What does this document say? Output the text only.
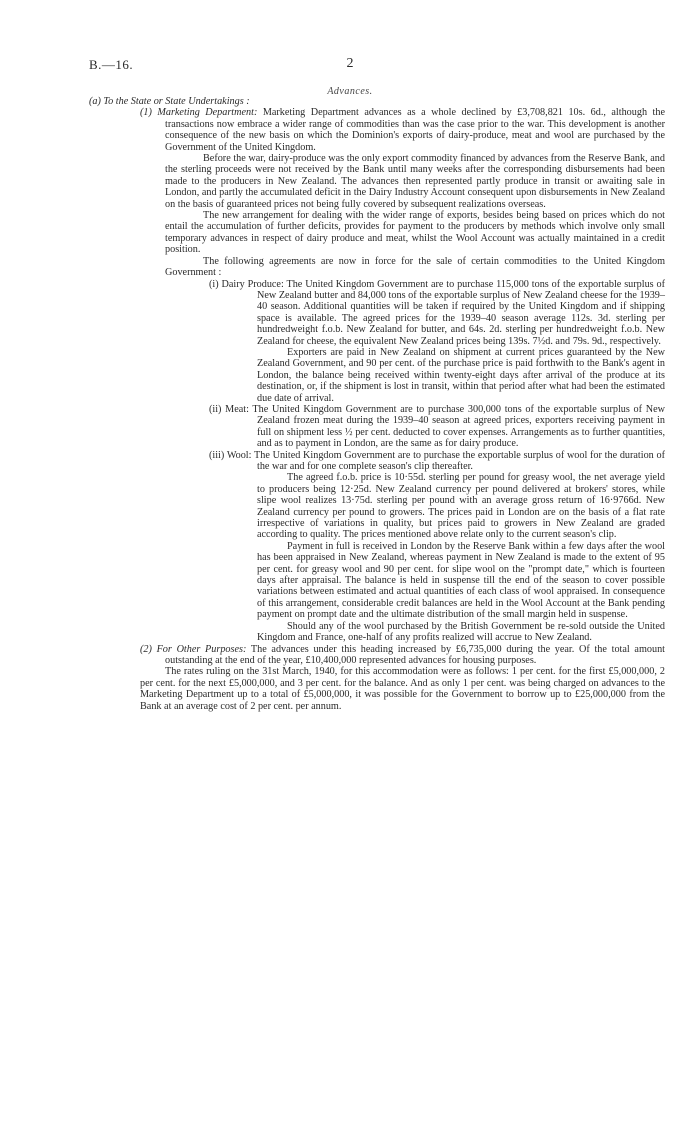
B.—16.	2
Advances.

(a) To the State or State Undertakings :

(1) Marketing Department: Marketing Department advances as a whole declined by £3,708,821 10s. 6d., although the transactions now embrace a wider range of commodities than was the case prior to the war. This development is another consequence of the new basis on which the Dominion's exports of dairy-produce, meat and wool are purchased by the Government of the United Kingdom.

Before the war, dairy-produce was the only export commodity financed by advances from the Reserve Bank, and the sterling proceeds were not received by the Bank until many weeks after the corresponding disbursements had been made to the producers in New Zealand. The advances then represented partly produce in transit or awaiting sale in London, and partly the accumulated deficit in the Dairy Industry Account consequent upon disbursements in New Zealand on the basis of guaranteed prices not being fully covered by subsequent realizations overseas.

The new arrangement for dealing with the wider range of exports, besides being based on prices which do not entail the accumulation of further deficits, provides for payment to the producers by methods which involve only small temporary advances in respect of dairy produce and meat, whilst the Wool Account was actually maintained in a credit position.

The following agreements are now in force for the sale of certain commodities to the United Kingdom Government :

(i) Dairy Produce: The United Kingdom Government are to purchase 115,000 tons of the exportable surplus of New Zealand butter and 84,000 tons of the exportable surplus of New Zealand cheese for the 1939–40 season. Additional quantities will be taken if required by the United Kingdom and if shipping space is available. The agreed prices for the 1939–40 season average 112s. 3d. sterling per hundredweight f.o.b. New Zealand for butter, and 64s. 2d. sterling per hundredweight f.o.b. New Zealand for cheese, the equivalent New Zealand prices being 139s. 7½d. and 79s. 9d., respectively.

Exporters are paid in New Zealand on shipment at current prices guaranteed by the New Zealand Government, and 90 per cent. of the purchase price is paid forthwith to the Bank's agent in London, the balance being received within twenty-eight days after arrival of the produce at its destination, or, if the shipment is lost in transit, within that period after what had been the estimated due date of arrival.

(ii) Meat: The United Kingdom Government are to purchase 300,000 tons of the exportable surplus of New Zealand frozen meat during the 1939–40 season at agreed prices, exporters receiving payment in full on shipment less ½ per cent. deducted to cover expenses. Arrangements as to further quantities, and as to payment in London, are the same as for dairy produce.

(iii) Wool: The United Kingdom Government are to purchase the exportable surplus of wool for the duration of the war and for one complete season's clip thereafter.

The agreed f.o.b. price is 10·55d. sterling per pound for greasy wool, the net average yield to producers being 12·25d. New Zealand currency per pound delivered at brokers' stores, while slipe wool realizes 13·75d. sterling per pound with an average gross return of 16·9766d. New Zealand currency per pound to growers. The prices paid in London are on the basis of a flat rate irrespective of variations in quality, but prices paid to growers in New Zealand are graded according to quality. The prices mentioned above relate only to the current season's clip.

Payment in full is received in London by the Reserve Bank within a few days after the wool has been appraised in New Zealand, whereas payment in New Zealand is made to the extent of 95 per cent. for greasy wool and 90 per cent. for slipe wool on the "prompt date," which is fourteen days after appraisal. The balance is held in suspense till the end of the season to cover possible variations between estimated and actual quantities of each class of wool appraised. In consequence of this arrangement, considerable credit balances are held in the Wool Account at the Bank pending payment on prompt date and the ultimate distribution of the small margin held in suspense.

Should any of the wool purchased by the British Government be re-sold outside the United Kingdom and France, one-half of any profits realized will accrue to New Zealand.

(2) For Other Purposes: The advances under this heading increased by £6,735,000 during the year. Of the total amount outstanding at the end of the year, £10,400,000 represented advances for housing purposes.

The rates ruling on the 31st March, 1940, for this accommodation were as follows: 1 per cent. for the first £5,000,000, 2 per cent. for the next £5,000,000, and 3 per cent. for the balance. And as only 1 per cent. was being charged on advances to the Marketing Department up to a total of £5,000,000, it was possible for the Government to borrow up to £25,000,000 from the Bank at an average cost of 2 per cent. per annum.
